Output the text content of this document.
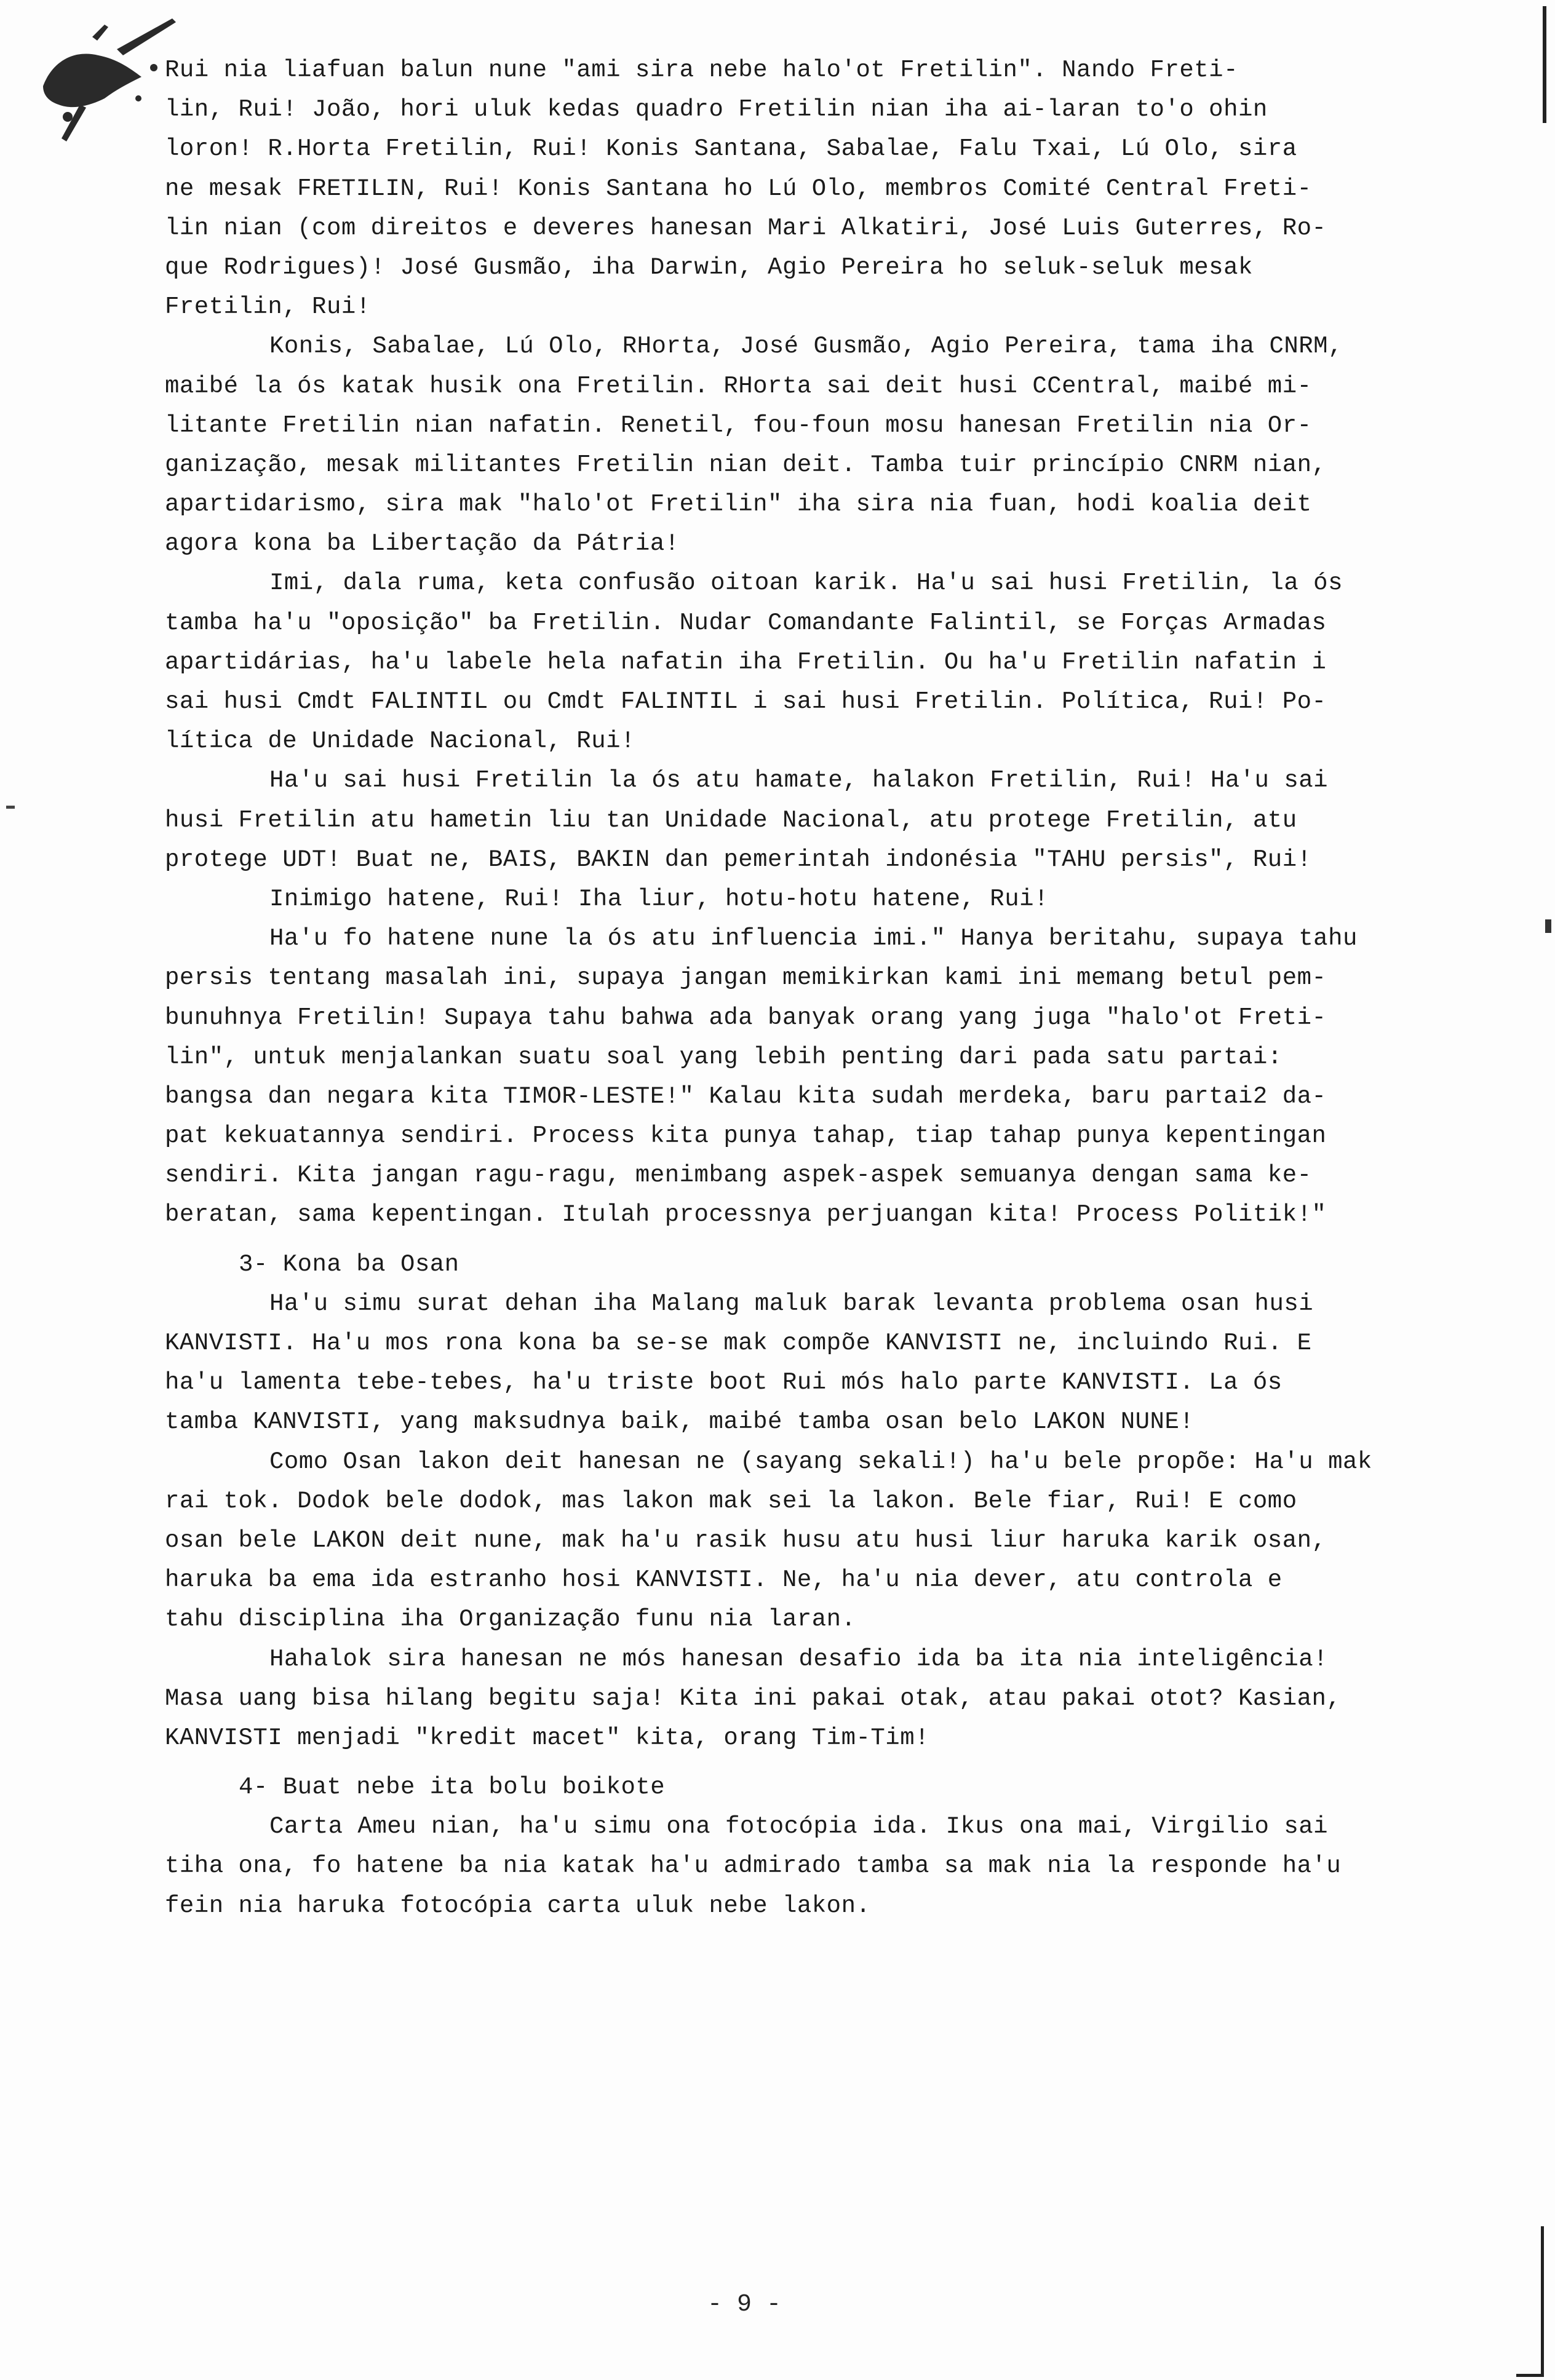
Rui nia liafuan balun nune "ami sira nebe halo'ot Fretilin". Nando Freti-
lin, Rui! João, hori uluk kedas quadro Fretilin nian iha ai-laran to'o ohin
loron! R.Horta Fretilin, Rui! Konis Santana, Sabalae, Falu Txai, Lú Olo, sira
ne mesak FRETILIN, Rui! Konis Santana ho Lú Olo, membros Comité Central Freti-
lin nian (com direitos e deveres hanesan Mari Alkatiri, José Luis Guterres, Ro-
que Rodrigues)! José Gusmão, iha Darwin, Agio Pereira ho seluk-seluk mesak
Fretilin, Rui!
Konis, Sabalae, Lú Olo, RHorta, José Gusmão, Agio Pereira, tama iha CNRM,
maibé la ós katak husik ona Fretilin. RHorta sai deit husi CCentral, maibé mi-
litante Fretilin nian nafatin. Renetil, fou-foun mosu hanesan Fretilin nia Or-
ganização, mesak militantes Fretilin nian deit. Tamba tuir princípio CNRM nian,
apartidarismo, sira mak "halo'ot Fretilin" iha sira nia fuan, hodi koalia deit
agora kona ba Libertação da Pátria!
Imi, dala ruma, keta confusão oitoan karik. Ha'u sai husi Fretilin, la ós
tamba ha'u "oposição" ba Fretilin. Nudar Comandante Falintil, se Forças Armadas
apartidárias, ha'u labele hela nafatin iha Fretilin. Ou ha'u Fretilin nafatin i
sai husi Cmdt FALINTIL ou Cmdt FALINTIL i sai husi Fretilin. Política, Rui! Po-
lítica de Unidade Nacional, Rui!
Ha'u sai husi Fretilin la ós atu hamate, halakon Fretilin, Rui! Ha'u sai
husi Fretilin atu hametin liu tan Unidade Nacional, atu protege Fretilin, atu
protege UDT! Buat ne, BAIS, BAKIN dan pemerintah indonésia "TAHU persis", Rui!
Inimigo hatene, Rui! Iha liur, hotu-hotu hatene, Rui!
Ha'u fo hatene nune la ós atu influencia imi." Hanya beritahu, supaya tahu
persis tentang masalah ini, supaya jangan memikirkan kami ini memang betul pem-
bunuhnya Fretilin! Supaya tahu bahwa ada banyak orang yang juga "halo'ot Freti-
lin", untuk menjalankan suatu soal yang lebih penting dari pada satu partai:
bangsa dan negara kita TIMOR-LESTE!" Kalau kita sudah merdeka, baru partai2 da-
pat kekuatannya sendiri. Process kita punya tahap, tiap tahap punya kepentingan
sendiri. Kita jangan ragu-ragu, menimbang aspek-aspek semuanya dengan sama ke-
beratan, sama kepentingan. Itulah processnya perjuangan kita! Process Politik!"
3- Kona ba Osan
Ha'u simu surat dehan iha Malang maluk barak levanta problema osan husi
KANVISTI. Ha'u mos rona kona ba se-se mak compõe KANVISTI ne, incluindo Rui. E
ha'u lamenta tebe-tebes, ha'u triste boot Rui mós halo parte KANVISTI. La ós
tamba KANVISTI, yang maksudnya baik, maibé tamba osan belo LAKON NUNE!
Como Osan lakon deit hanesan ne (sayang sekali!) ha'u bele propõe: Ha'u mak
rai tok. Dodok bele dodok, mas lakon mak sei la lakon. Bele fiar, Rui! E como
osan bele LAKON deit nune, mak ha'u rasik husu atu husi liur haruka karik osan,
haruka ba ema ida estranho hosi KANVISTI. Ne, ha'u nia dever, atu controla e
tahu disciplina iha Organização funu nia laran.
Hahalok sira hanesan ne mós hanesan desafio ida ba ita nia inteligência!
Masa uang bisa hilang begitu saja! Kita ini pakai otak, atau pakai otot? Kasian,
KANVISTI menjadi "kredit macet" kita, orang Tim-Tim!
4- Buat nebe ita bolu boikote
Carta Ameu nian, ha'u simu ona fotocópia ida. Ikus ona mai, Virgilio sai
tiha ona, fo hatene ba nia katak ha'u admirado tamba sa mak nia la responde ha'u
fein nia haruka fotocópia carta uluk nebe lakon.
- 9 -
